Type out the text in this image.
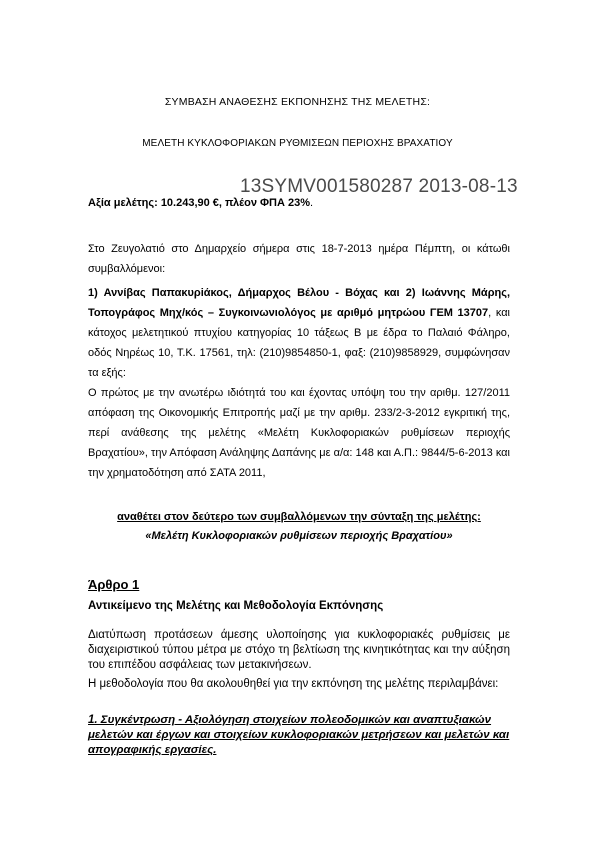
ΣΥΜΒΑΣΗ ΑΝΑΘΕΣΗΣ ΕΚΠΟΝΗΣΗΣ ΤΗΣ ΜΕΛΕΤΗΣ:
ΜΕΛΕΤΗ ΚΥΚΛΟΦΟΡΙΑΚΩΝ ΡΥΘΜΙΣΕΩΝ ΠΕΡΙΟΧΗΣ ΒΡΑΧΑΤΙΟΥ
13SYMV001580287 2013-08-13
Αξία μελέτης: 10.243,90 €, πλέον ΦΠΑ 23%.

Στο Ζευγολατιό στο Δημαρχείο σήμερα στις 18-7-2013 ημέρα Πέμπτη, οι κάτωθι συμβαλλόμενοι:

1) Αννίβας Παπακυρiάκος, Δήμαρχος Βέλου - Βόχας και 2) Ιωάννης Μάρης, Τοπογράφος Μηχ/κός – Συγκοινωνιολόγος με αριθμό μητρώου ΓΕΜ 13707, και κάτοχος μελετητικού πτυχίου κατηγορίας 10 τάξεως Β με έδρα το Παλαιό Φάληρο, οδός Νηρέως 10, Τ.Κ. 17561, τηλ: (210)9854850-1, φαξ: (210)9858929, συμφώνησαν τα εξής:

Ο πρώτος με την ανωτέρω ιδιότητά του και έχοντας υπόψη του την αριθμ. 127/2011 απόφαση της Οικονομικής Επιτροπής μαζί με την αριθμ. 233/2-3-2012 εγκριτική της, περί ανάθεσης της μελέτης «Μελέτη Κυκλοφοριακών ρυθμίσεων περιοχής Βραχατίου», την Απόφαση Ανάληψης Δαπάνης με α/α: 148 και Α.Π.: 9844/5-6-2013 και την χρηματοδότηση από ΣΑΤΑ 2011,

αναθέτει στον δεύτερο των συμβαλλόμενων την σύνταξη της μελέτης:

«Μελέτη Κυκλοφοριακών ρυθμίσεων περιοχής Βραχατίου»

Άρθρο 1
Αντικείμενο της Μελέτης και Μεθοδολογία Εκπόνησης

Διατύπωση προτάσεων άμεσης υλοποίησης για κυκλοφοριακές ρυθμίσεις με διαχειριστικού τύπου μέτρα με στόχο τη βελτίωση της κινητικότητας και την αύξηση του επιπέδου ασφάλειας των μετακινήσεων.

Η μεθοδολογία που θα ακολουθηθεί για την εκπόνηση της μελέτης περιλαμβάνει:

1. Συγκέντρωση - Αξιολόγηση στοιχείων πολεοδομικών και αναπτυξιακών μελετών και έργων και στοιχείων κυκλοφοριακών μετρήσεων και μελετών και απογραφικής εργασίες.
